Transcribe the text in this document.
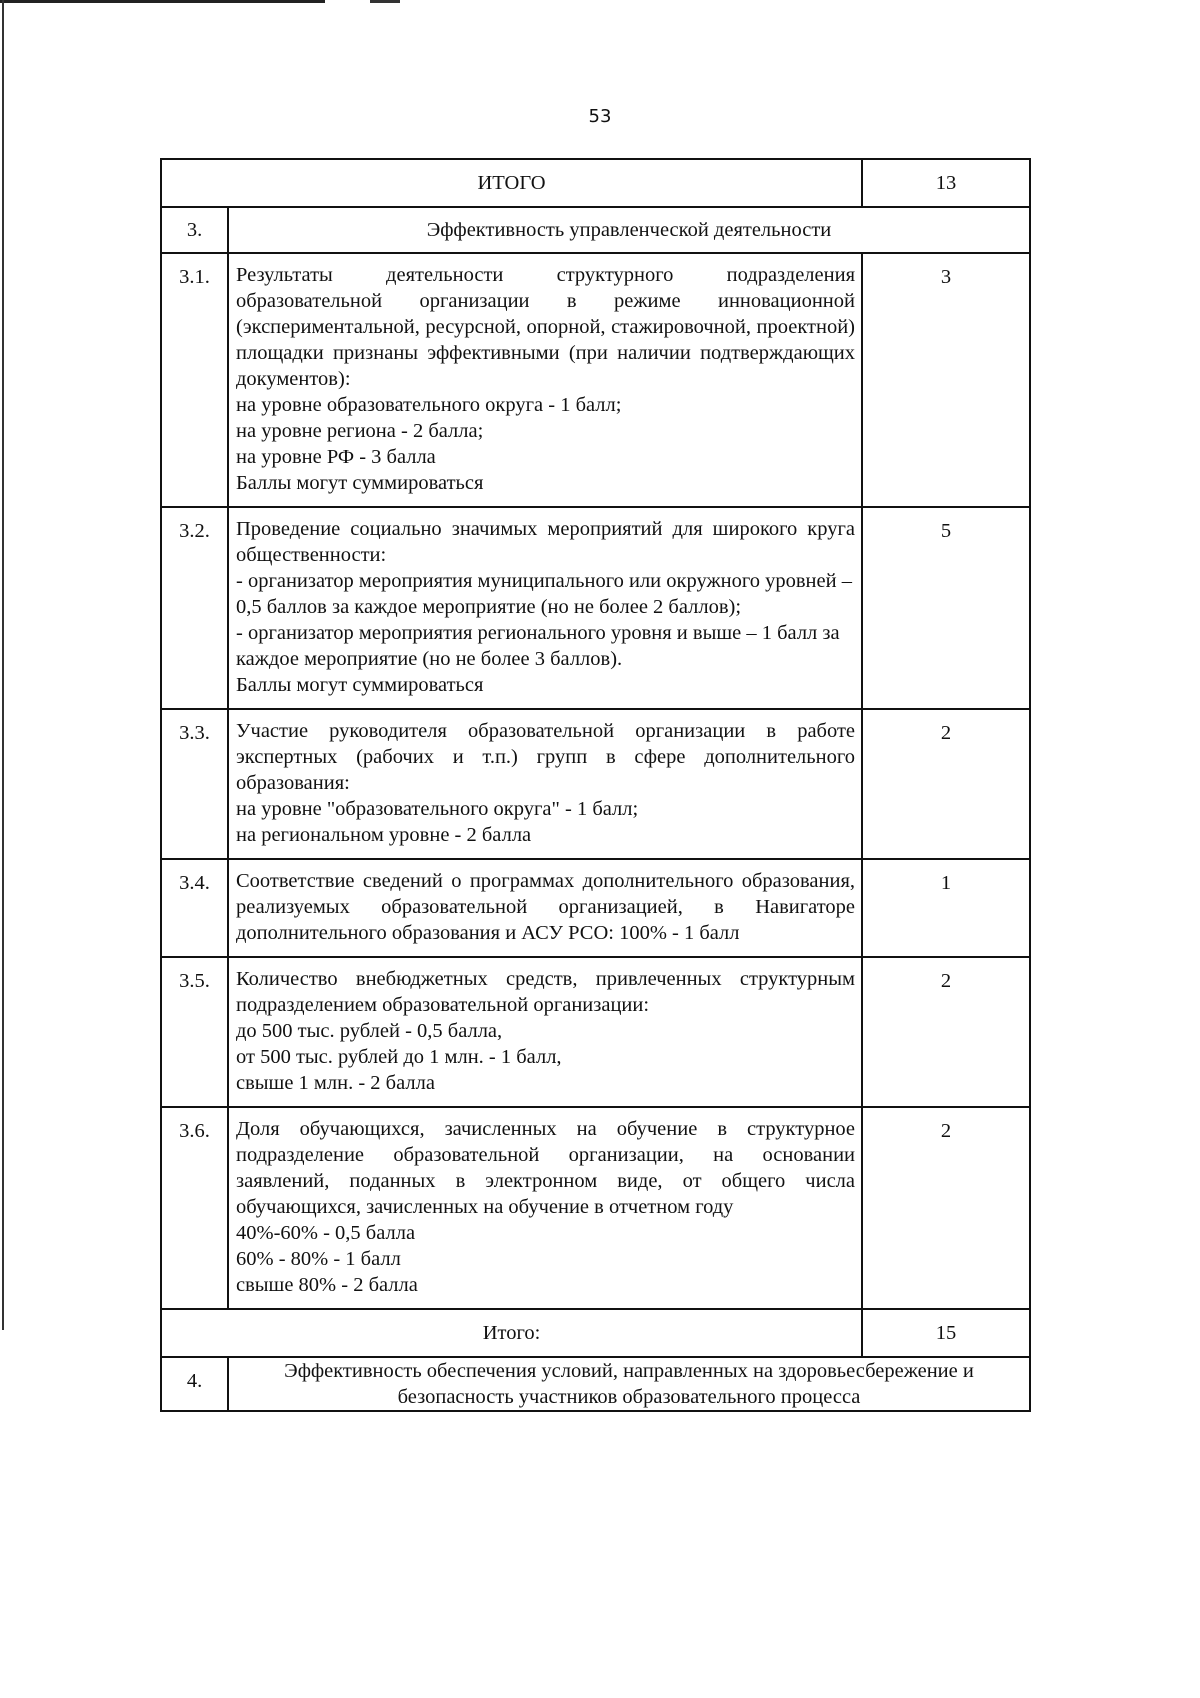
53
ИТОГО		13
3.	Эффективность управленческой деятельности	
3.1.	Результаты деятельности структурного подразделения образовательной организации в режиме инновационной (экспериментальной, ресурсной, опорной, стажировочной, проектной) площадки признаны эффективными (при наличии подтверждающих документов):
на уровне образовательного округа - 1 балл;
на уровне региона - 2 балла;
на уровне РФ - 3 балла
Баллы могут суммироваться	3
3.2.	Проведение социально значимых мероприятий для широкого круга общественности:
- организатор мероприятия муниципального или окружного уровней – 0,5 баллов за каждое мероприятие (но не более 2 баллов);
- организатор мероприятия регионального уровня и выше – 1 балл за каждое мероприятие (но не более 3 баллов).
Баллы могут суммироваться	5
3.3.	Участие руководителя образовательной организации в работе экспертных (рабочих и т.п.) групп в сфере дополнительного образования:
на уровне "образовательного округа" - 1 балл;
на региональном уровне - 2 балла	2
3.4.	Соответствие сведений о программах дополнительного образования, реализуемых образовательной организацией, в Навигаторе дополнительного образования и АСУ РСО: 100% - 1 балл	1
3.5.	Количество внебюджетных средств, привлеченных структурным подразделением образовательной организации:
до 500 тыс. рублей - 0,5 балла,
от 500 тыс. рублей до 1 млн. - 1 балл,
свыше 1 млн. - 2 балла	2
3.6.	Доля обучающихся, зачисленных на обучение в структурное подразделение образовательной организации, на основании заявлений, поданных в электронном виде, от общего числа обучающихся, зачисленных на обучение в отчетном году
40%-60% - 0,5 балла
60% - 80% - 1 балл
свыше 80% - 2 балла	2
Итого:		15
4.	Эффективность обеспечения условий, направленных на здоровьесбережение и безопасность участников образовательного процесса	
